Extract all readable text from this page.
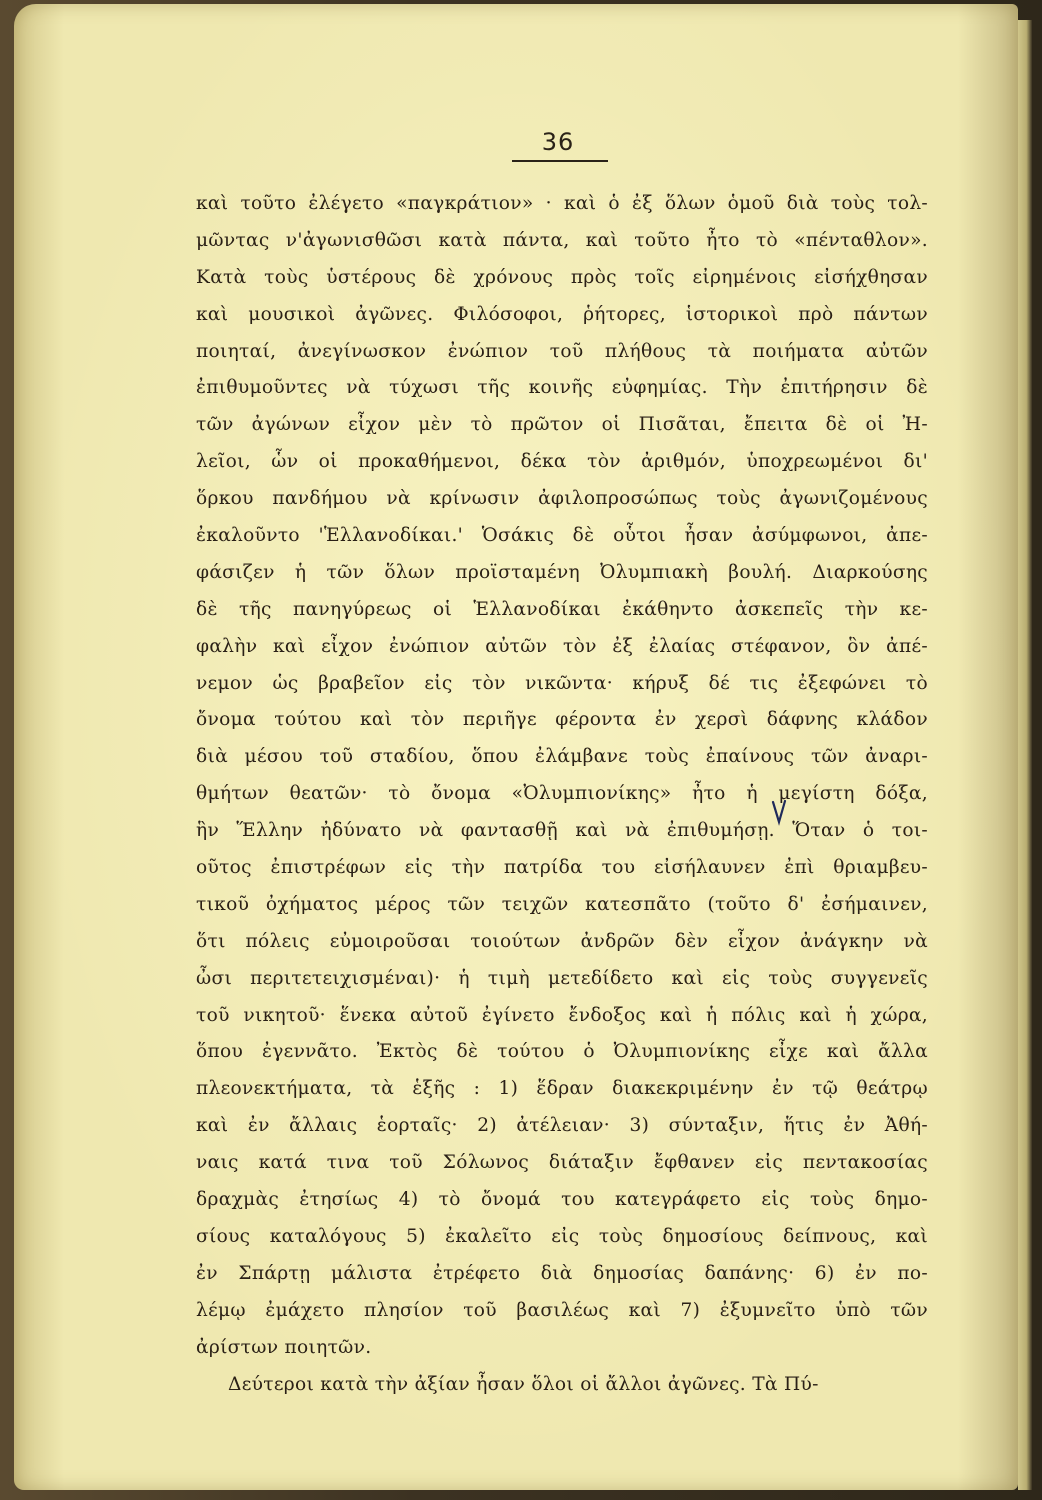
36
καὶ τοῦτο ἐλέγετο «παγκράτιον» · καὶ ὁ ἐξ ὅλων ὁμοῦ διὰ τοὺς τολ-
μῶντας ν'ἀγωνισθῶσι κατὰ πάντα, καὶ τοῦτο ἦτο τὸ «πένταθλον».
Κατὰ τοὺς ὑστέρους δὲ χρόνους πρὸς τοῖς εἰρημένοις εἰσήχθησαν
καὶ μουσικοὶ ἀγῶνες. Φιλόσοφοι, ῥήτορες, ἱστορικοὶ πρὸ πάντων
ποιηταί, ἀνεγίνωσκον ἐνώπιον τοῦ πλήθους τὰ ποιήματα αὐτῶν
ἐπιθυμοῦντες νὰ τύχωσι τῆς κοινῆς εὐφημίας. Τὴν ἐπιτήρησιν δὲ
τῶν ἀγώνων εἶχον μὲν τὸ πρῶτον οἱ Πισᾶται, ἔπειτα δὲ οἱ Ἠ-
λεῖοι, ὧν οἱ προκαθήμενοι, δέκα τὸν ἀριθμόν, ὑποχρεωμένοι δι'
ὅρκου πανδήμου νὰ κρίνωσιν ἀφιλοπροσώπως τοὺς ἀγωνιζομένους
ἐκαλοῦντο 'Ἑλλανοδίκαι.' Ὁσάκις δὲ οὗτοι ἦσαν ἀσύμφωνοι, ἀπε-
φάσιζεν ἡ τῶν ὅλων προϊσταμένη Ὀλυμπιακὴ βουλή. Διαρκούσης
δὲ τῆς πανηγύρεως οἱ Ἑλλανοδίκαι ἐκάθηντο ἀσκεπεῖς τὴν κε-
φαλὴν καὶ εἶχον ἐνώπιον αὐτῶν τὸν ἐξ ἐλαίας στέφανον, ὃν ἀπέ-
νεμον ὡς βραβεῖον εἰς τὸν νικῶντα· κήρυξ δέ τις ἐξεφώνει τὸ
ὄνομα τούτου καὶ τὸν περιῆγε φέροντα ἐν χερσὶ δάφνης κλάδον
διὰ μέσου τοῦ σταδίου, ὅπου ἐλάμβανε τοὺς ἐπαίνους τῶν ἀναρι-
θμήτων θεατῶν· τὸ ὄνομα «Ὀλυμπιονίκης» ἦτο ἡ μεγίστη δόξα,
ἣν Ἕλλην ἠδύνατο νὰ φαντασθῇ καὶ νὰ ἐπιθυμήσῃ. Ὅταν ὁ τοι-
οῦτος ἐπιστρέφων εἰς τὴν πατρίδα του εἰσήλαυνεν ἐπὶ θριαμβευ-
τικοῦ ὀχήματος μέρος τῶν τειχῶν κατεσπᾶτο (τοῦτο δ' ἐσήμαινεν,
ὅτι πόλεις εὐμοιροῦσαι τοιούτων ἀνδρῶν δὲν εἶχον ἀνάγκην νὰ
ὦσι περιτετειχισμέναι)· ἡ τιμὴ μετεδίδετο καὶ εἰς τοὺς συγγενεῖς
τοῦ νικητοῦ· ἕνεκα αὐτοῦ ἐγίνετο ἔνδοξος καὶ ἡ πόλις καὶ ἡ χώρα,
ὅπου ἐγεννᾶτο. Ἐκτὸς δὲ τούτου ὁ Ὀλυμπιονίκης εἶχε καὶ ἄλλα
πλεονεκτήματα, τὰ ἑξῆς : 1) ἕδραν διακεκριμένην ἐν τῷ θεάτρῳ
καὶ ἐν ἄλλαις ἑορταῖς· 2) ἀτέλειαν· 3) σύνταξιν, ἥτις ἐν Ἀθή-
ναις κατά τινα τοῦ Σόλωνος διάταξιν ἔφθανεν εἰς πεντακοσίας
δραχμὰς ἐτησίως 4) τὸ ὄνομά του κατεγράφετο εἰς τοὺς δημο-
σίους καταλόγους 5) ἐκαλεῖτο εἰς τοὺς δημοσίους δείπνους, καὶ
ἐν Σπάρτῃ μάλιστα ἐτρέφετο διὰ δημοσίας δαπάνης· 6) ἐν πο-
λέμῳ ἐμάχετο πλησίον τοῦ βασιλέως καὶ 7) ἐξυμνεῖτο ὑπὸ τῶν
ἀρίστων ποιητῶν.
Δεύτεροι κατὰ τὴν ἀξίαν ἦσαν ὅλοι οἱ ἄλλοι ἀγῶνες. Τὰ Πύ-
